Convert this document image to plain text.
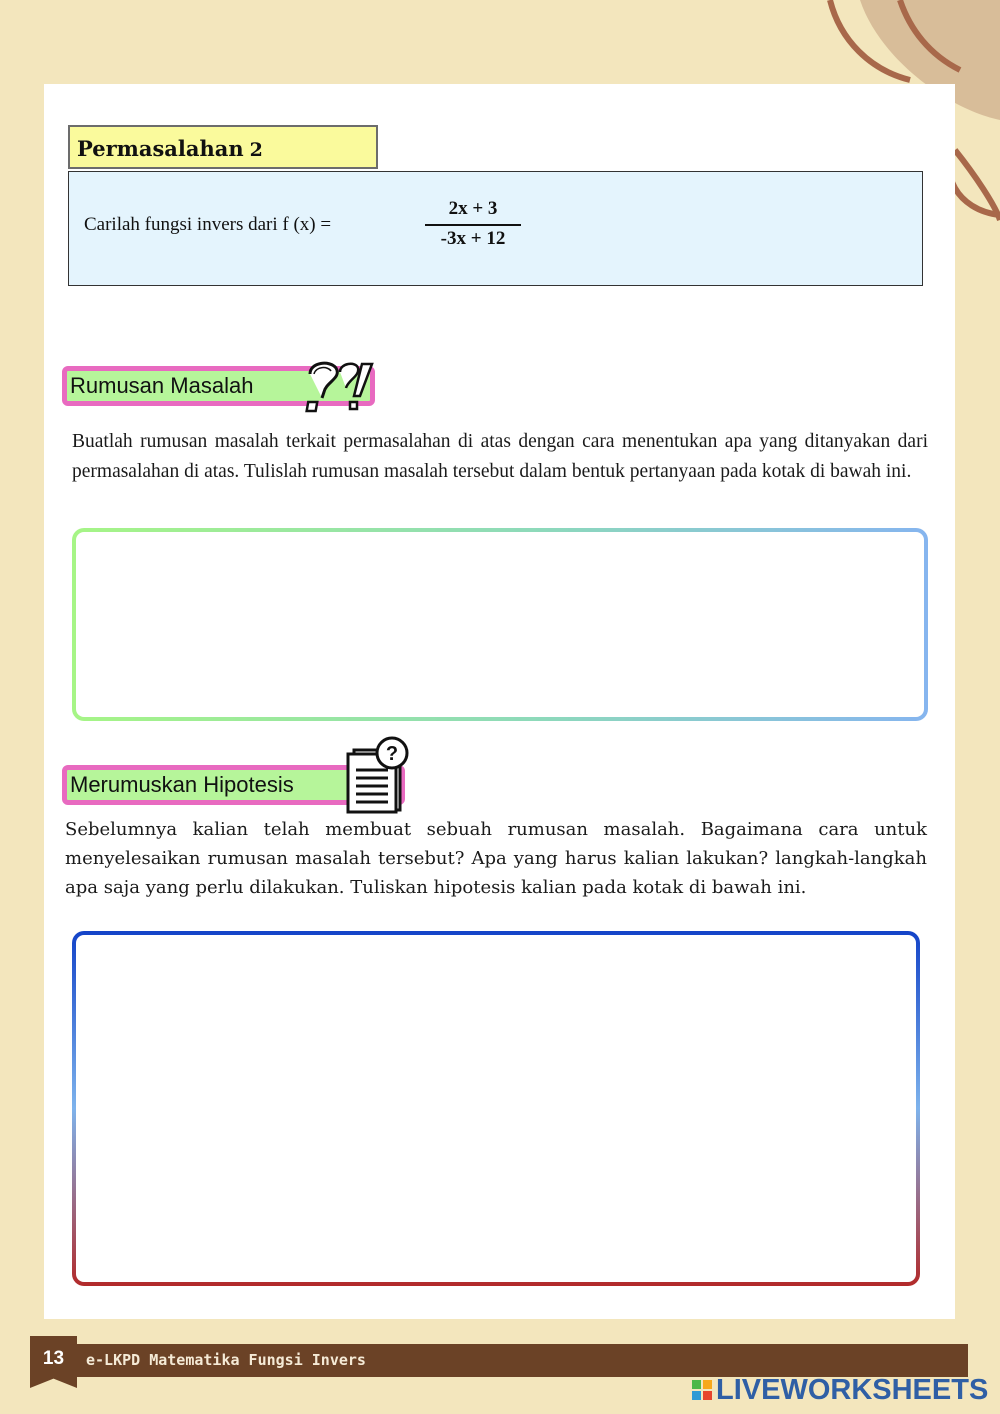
Permasalahan 2
Carilah fungsi invers dari f (x) =	$\frac{2x + 3}{-3x + 12}$
Rumusan Masalah
Buatlah rumusan masalah terkait permasalahan di atas dengan cara menentukan apa yang ditanyakan dari permasalahan di atas. Tulislah rumusan masalah tersebut dalam bentuk pertanyaan pada kotak di bawah ini.
Merumuskan Hipotesis
?
Sebelumnya kalian telah membuat sebuah rumusan masalah. Bagaimana cara untuk menyelesaikan rumusan masalah tersebut? Apa yang harus kalian lakukan? langkah-langkah apa saja yang perlu dilakukan. Tuliskan hipotesis kalian pada kotak di bawah ini.
13	e-LKPD Matematika Fungsi Invers
LIVEWORKSHEETS
